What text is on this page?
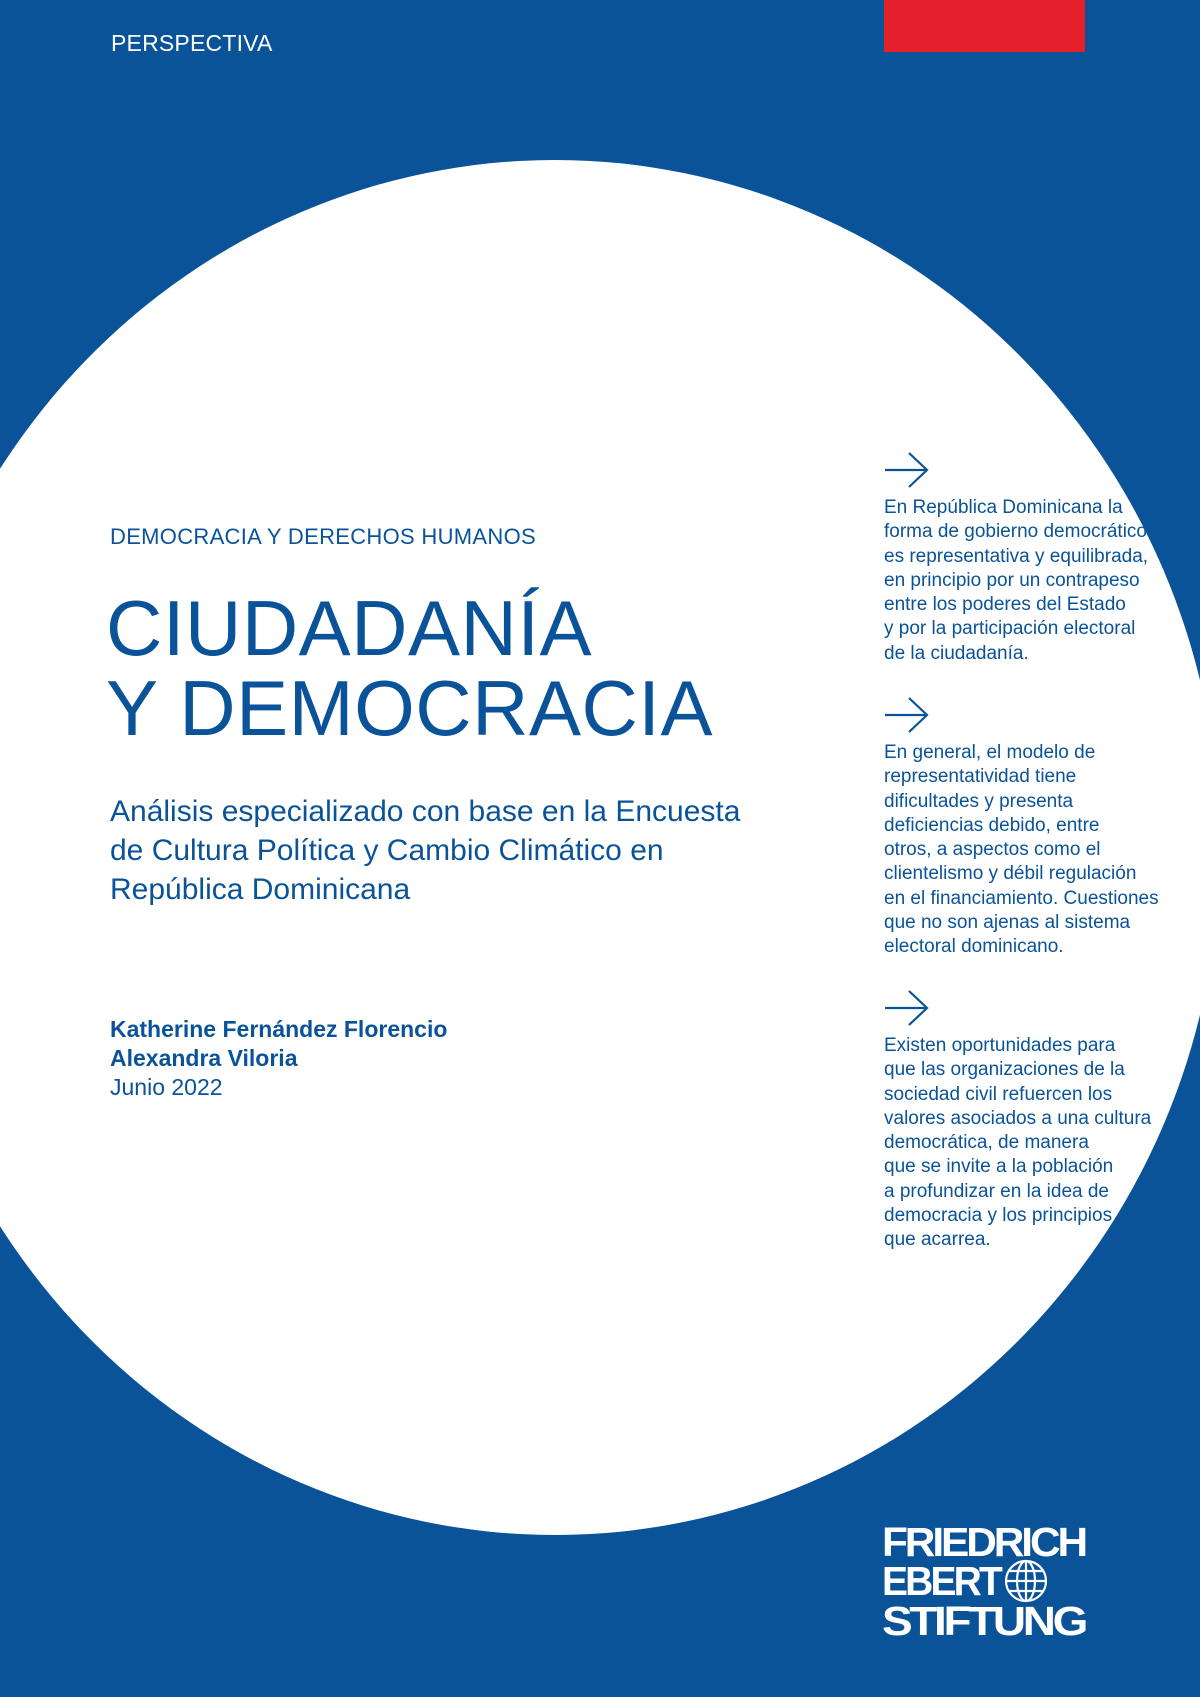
PERSPECTIVA
DEMOCRACIA Y DERECHOS HUMANOS
CIUDADANÍA
Y DEMOCRACIA
Análisis especializado con base en la Encuesta
de Cultura Política y Cambio Climático en
República Dominicana
Katherine Fernández Florencio
Alexandra Viloria
Junio 2022
En República Dominicana la
forma de gobierno democrático
es representativa y equilibrada,
en principio por un contrapeso
entre los poderes del Estado
y por la participación electoral
de la ciudadanía.
En general, el modelo de
representatividad tiene
dificultades y presenta
deficiencias debido, entre
otros, a aspectos como el
clientelismo y débil regulación
en el financiamiento. Cuestiones
que no son ajenas al sistema
electoral dominicano.
Existen oportunidades para
que las organizaciones de la
sociedad civil refuercen los
valores asociados a una cultura
democrática, de manera
que se invite a la población
a profundizar en la idea de
democracia y los principios
que acarrea.
FRIEDRICH
EBERT
STIFTUNG
